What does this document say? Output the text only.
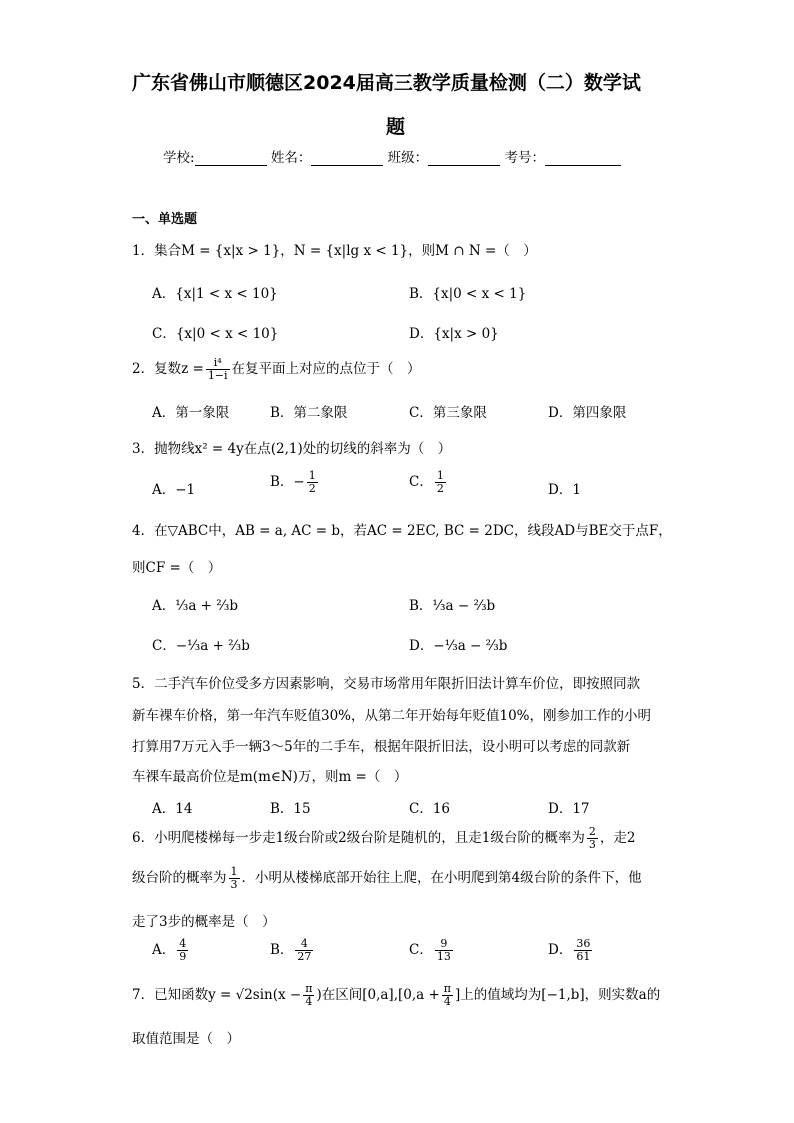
广东省佛山市顺德区2024届高三教学质量检测（二）数学试
题
学校:	姓名：	班级：	考号：
一、单选题
1．集合M = {x|x > 1}，N = {x|lg x < 1}，则M ∩ N =（　）
A．{x|1 < x < 10}	B．{x|0 < x < 1}
C．{x|0 < x < 10}	D．{x|x > 0}
2．复数$z = \frac{\text{i⁴}}{1-i}$ 在复平面上对应的点位于（　）
A．第一象限	B．第二象限	C．第三象限	D．第四象限
3．抛物线x² = 4y在点(2,1)处的切线的斜率为（　）
A．−1	B．− $\frac{1}{2}$	C． $\frac{1}{2}$	D．1
4．在▽ABC中，AB = a, AC = b，若AC = 2EC, BC = 2DC，线段AD与BE交于点F，
则CF =（　）
A．⅓a + ⅔b	B．⅓a − ⅔b
C．−⅓a + ⅔b	D．−⅓a − ⅔b
5．二手汽车价位受多方因素影响，交易市场常用年限折旧法计算车价位，即按照同款
新车裸车价格，第一年汽车贬值30%，从第二年开始每年贬值10%，刚参加工作的小明
打算用7万元入手一辆3～5年的二手车，根据年限折旧法，设小明可以考虑的同款新
车裸车最高价位是m(m∈N)万，则m =（　）
A．14	B．15	C．16	D．17
6．小明爬楼梯每一步走1级台阶或2级台阶是随机的，且走1级台阶的概率为 $\frac{2}{3}$ ，走2
级台阶的概率为 $\frac{1}{3}$ ．小明从楼梯底部开始往上爬，在小明爬到第4级台阶的条件下，他
走了3步的概率是（　）
A． $\frac{4}{9}$	B． $\frac{4}{27}$	C． $\frac{9}{13}$	D． $\frac{36}{61}$
7．已知函数$y = √2\sin(x - \frac{\pi}{4}$ )在区间$[0,a],[0,a + \frac{\pi}{4}$ ]上的值域均为[−1,b]，则实数a的
取值范围是（　）
